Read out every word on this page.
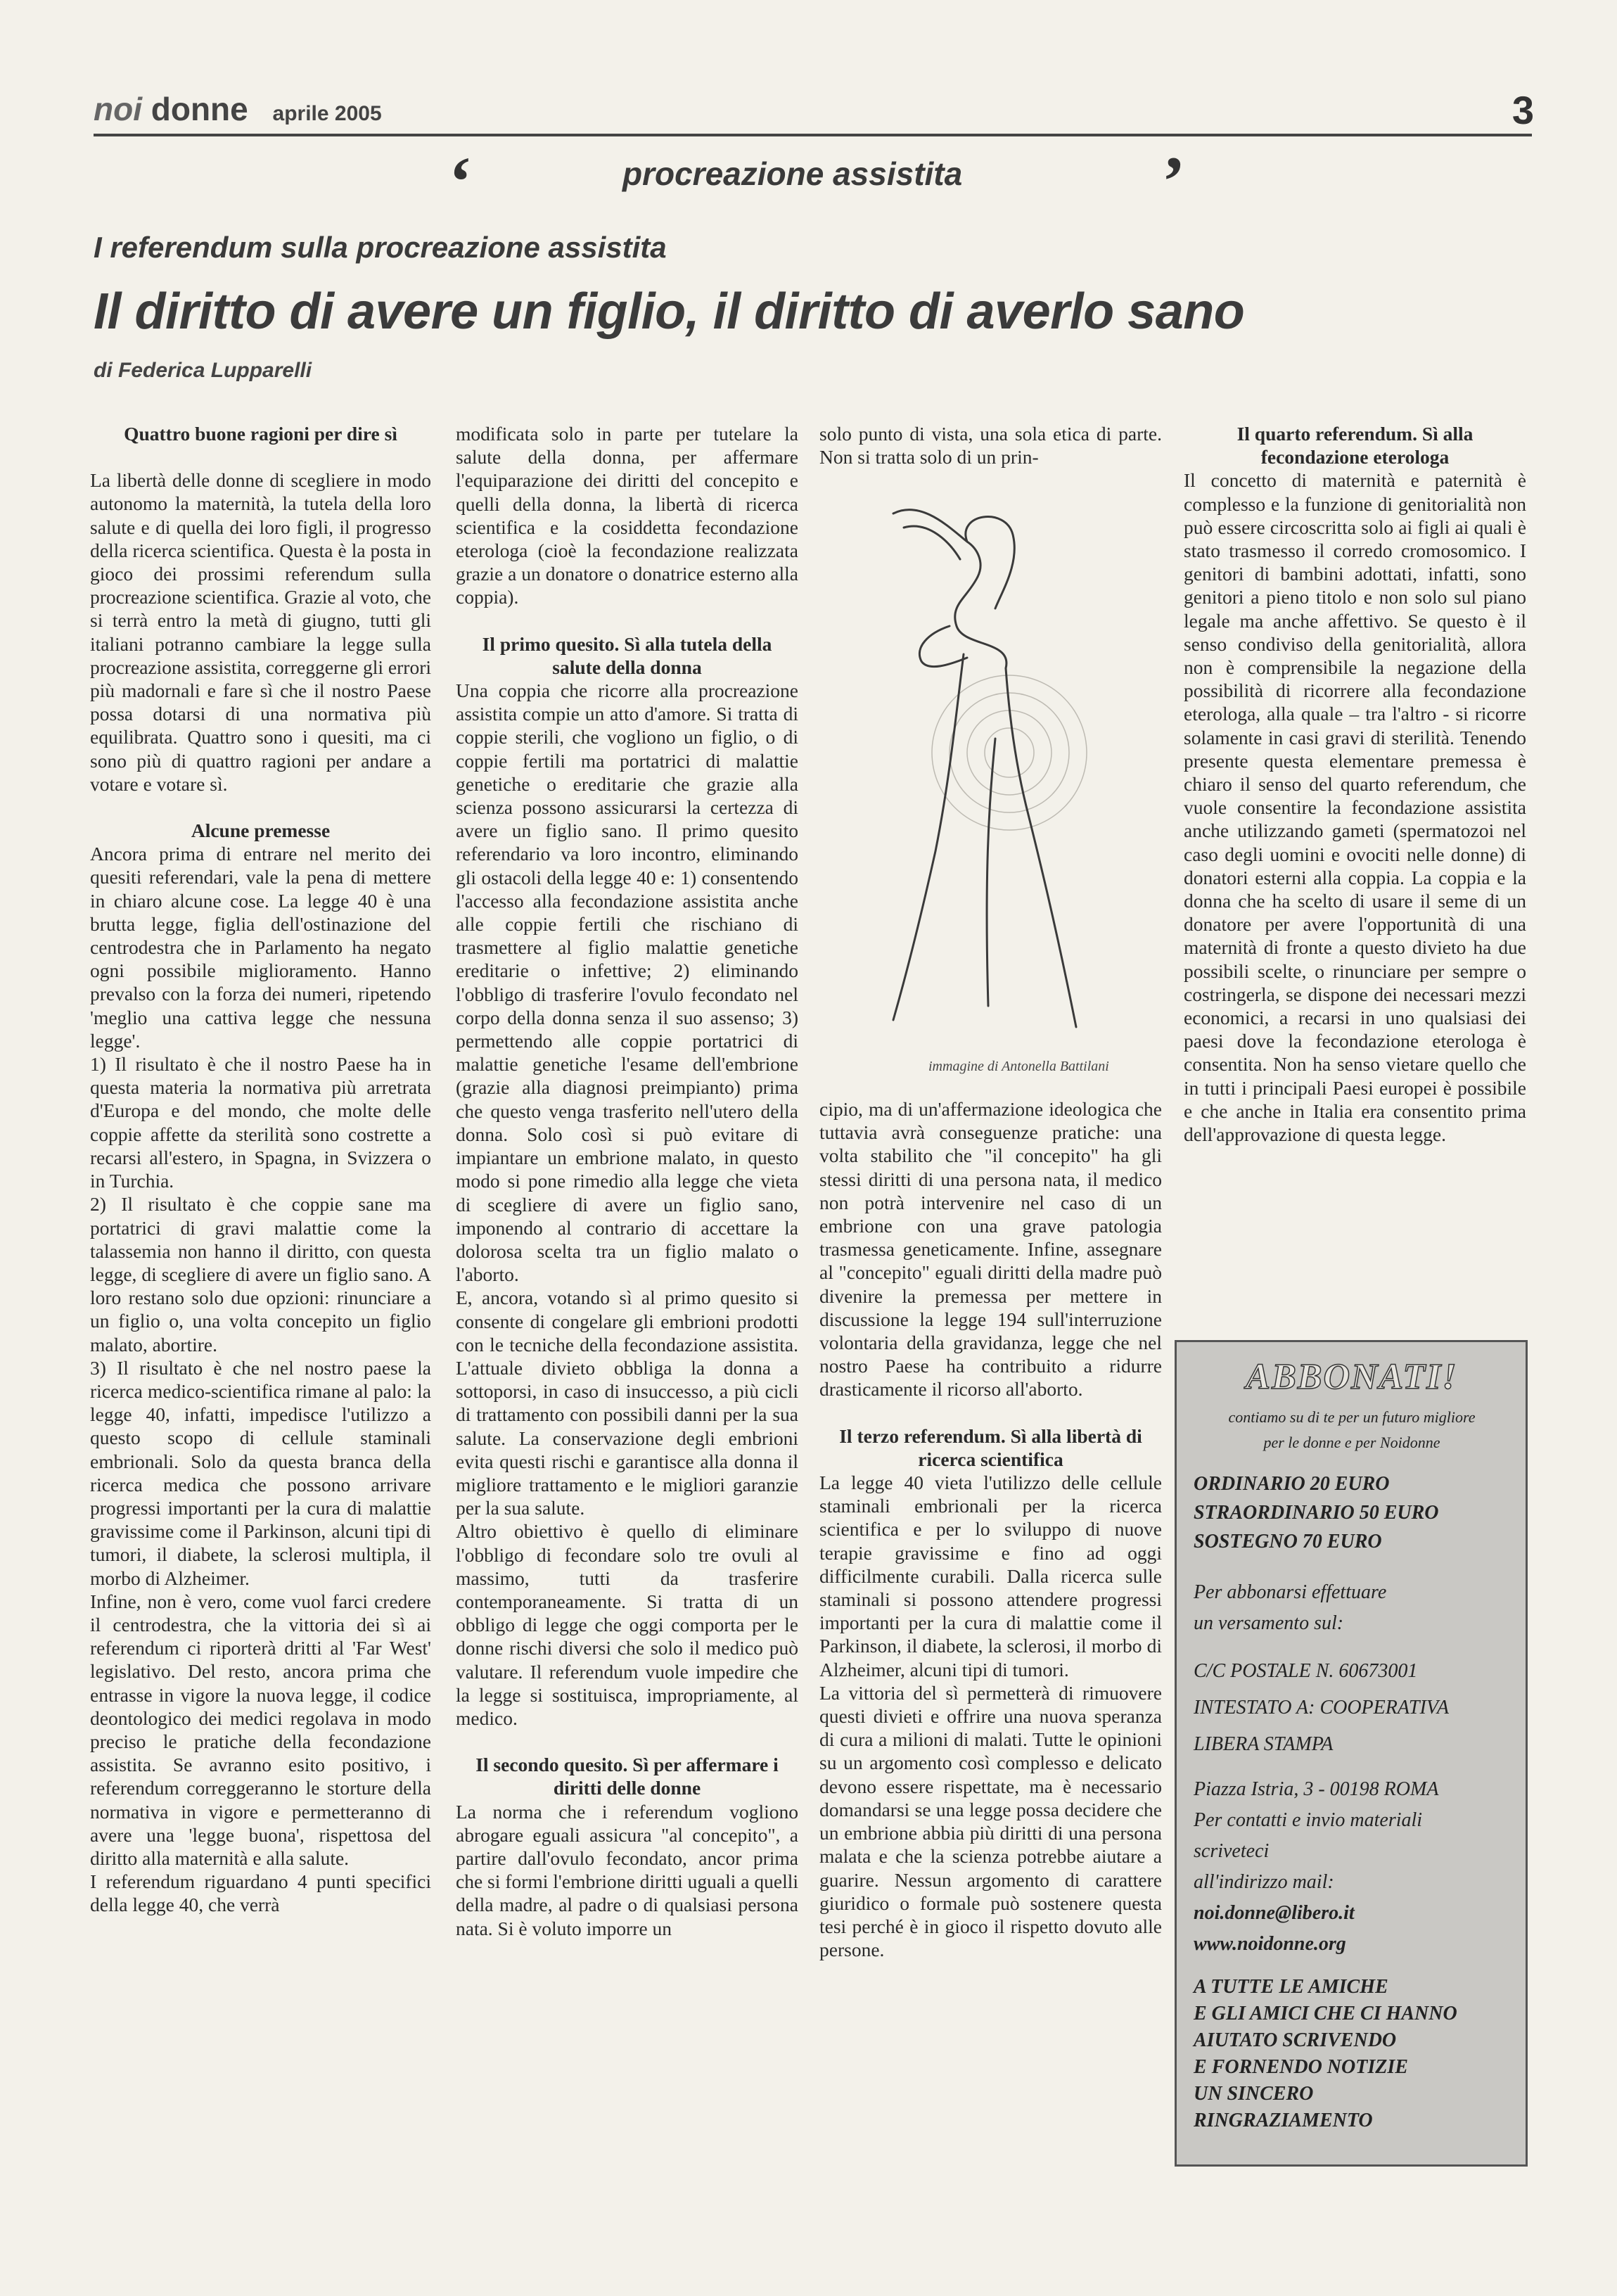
noi donne aprile 2005	3
‘	procreazione assistita	’
I referendum sulla procreazione assistita
Il diritto di avere un figlio, il diritto di averlo sano
di Federica Lupparelli
Quattro buone ragioni per dire sì

La libertà delle donne di scegliere in modo autonomo la maternità, la tutela della loro salute e di quella dei loro figli, il progresso della ricerca scientifica. Questa è la posta in gioco dei prossimi referendum sulla procreazione scientifica. Grazie al voto, che si terrà entro la metà di giugno, tutti gli italiani potranno cambiare la legge sulla procreazione assistita, correggerne gli errori più madornali e fare sì che il nostro Paese possa dotarsi di una normativa più equilibrata. Quattro sono i quesiti, ma ci sono più di quattro ragioni per andare a votare e votare sì.

Alcune premesse

Ancora prima di entrare nel merito dei quesiti referendari, vale la pena di mettere in chiaro alcune cose. La legge 40 è una brutta legge, figlia dell'ostinazione del centrodestra che in Parlamento ha negato ogni possibile miglioramento. Hanno prevalso con la forza dei numeri, ripetendo 'meglio una cattiva legge che nessuna legge'.

1) Il risultato è che il nostro Paese ha in questa materia la normativa più arretrata d'Europa e del mondo, che molte delle coppie affette da sterilità sono costrette a recarsi all'estero, in Spagna, in Svizzera o in Turchia.

2) Il risultato è che coppie sane ma portatrici di gravi malattie come la talassemia non hanno il diritto, con questa legge, di scegliere di avere un figlio sano. A loro restano solo due opzioni: rinunciare a un figlio o, una volta concepito un figlio malato, abortire.

3) Il risultato è che nel nostro paese la ricerca medico-scientifica rimane al palo: la legge 40, infatti, impedisce l'utilizzo a questo scopo di cellule staminali embrionali. Solo da questa branca della ricerca medica che possono arrivare progressi importanti per la cura di malattie gravissime come il Parkinson, alcuni tipi di tumori, il diabete, la sclerosi multipla, il morbo di Alzheimer.

Infine, non è vero, come vuol farci credere il centrodestra, che la vittoria dei sì ai referendum ci riporterà dritti al 'Far West' legislativo. Del resto, ancora prima che entrasse in vigore la nuova legge, il codice deontologico dei medici regolava in modo preciso le pratiche della fecondazione assistita. Se avranno esito positivo, i referendum correggeranno le storture della normativa in vigore e permetteranno di avere una 'legge buona', rispettosa del diritto alla maternità e alla salute.

I referendum riguardano 4 punti specifici della legge 40, che verrà

modificata solo in parte per tutelare la salute della donna, per affermare l'equiparazione dei diritti del concepito e quelli della donna, la libertà di ricerca scientifica e la cosiddetta fecondazione eterologa (cioè la fecondazione realizzata grazie a un donatore o donatrice esterno alla coppia).

Il primo quesito. Sì alla tutela della salute della donna

Una coppia che ricorre alla procreazione assistita compie un atto d'amore. Si tratta di coppie sterili, che vogliono un figlio, o di coppie fertili ma portatrici di malattie genetiche o ereditarie che grazie alla scienza possono assicurarsi la certezza di avere un figlio sano. Il primo quesito referendario va loro incontro, eliminando gli ostacoli della legge 40 e: 1) consentendo l'accesso alla fecondazione assistita anche alle coppie fertili che rischiano di trasmettere al figlio malattie genetiche ereditarie o infettive; 2) eliminando l'obbligo di trasferire l'ovulo fecondato nel corpo della donna senza il suo assenso; 3) permettendo alle coppie portatrici di malattie genetiche l'esame dell'embrione (grazie alla diagnosi preimpianto) prima che questo venga trasferito nell'utero della donna. Solo così si può evitare di impiantare un embrione malato, in questo modo si pone rimedio alla legge che vieta di scegliere di avere un figlio sano, imponendo al contrario di accettare la dolorosa scelta tra un figlio malato o l'aborto.

E, ancora, votando sì al primo quesito si consente di congelare gli embrioni prodotti con le tecniche della fecondazione assistita. L'attuale divieto obbliga la donna a sottoporsi, in caso di insuccesso, a più cicli di trattamento con possibili danni per la sua salute. La conservazione degli embrioni evita questi rischi e garantisce alla donna il migliore trattamento e le migliori garanzie per la sua salute.

Altro obiettivo è quello di eliminare l'obbligo di fecondare solo tre ovuli al massimo, tutti da trasferire contemporaneamente. Si tratta di un obbligo di legge che oggi comporta per le donne rischi diversi che solo il medico può valutare. Il referendum vuole impedire che la legge si sostituisca, impropriamente, al medico.

Il secondo quesito. Sì per affermare i diritti delle donne

La norma che i referendum vogliono abrogare eguali assicura "al concepito", a partire dall'ovulo fecondato, ancor prima che si formi l'embrione diritti uguali a quelli della madre, al padre o di qualsiasi persona nata. Si è voluto imporre un

solo punto di vista, una sola etica di parte. Non si tratta solo di un prin-

immagine di Antonella Battilani

cipio, ma di un'affermazione ideologica che tuttavia avrà conseguenze pratiche: una volta stabilito che "il concepito" ha gli stessi diritti di una persona nata, il medico non potrà intervenire nel caso di un embrione con una grave patologia trasmessa geneticamente. Infine, assegnare al "concepito" eguali diritti della madre può divenire la premessa per mettere in discussione la legge 194 sull'interruzione volontaria della gravidanza, legge che nel nostro Paese ha contribuito a ridurre drasticamente il ricorso all'aborto.

Il terzo referendum. Sì alla libertà di ricerca scientifica

La legge 40 vieta l'utilizzo delle cellule staminali embrionali per la ricerca scientifica e per lo sviluppo di nuove terapie gravissime e fino ad oggi difficilmente curabili. Dalla ricerca sulle staminali si possono attendere progressi importanti per la cura di malattie come il Parkinson, il diabete, la sclerosi, il morbo di Alzheimer, alcuni tipi di tumori.

La vittoria del sì permetterà di rimuovere questi divieti e offrire una nuova speranza di cura a milioni di malati. Tutte le opinioni su un argomento così complesso e delicato devono essere rispettate, ma è necessario domandarsi se una legge possa decidere che un embrione abbia più diritti di una persona malata e che la scienza potrebbe aiutare a guarire. Nessun argomento di carattere giuridico o formale può sostenere questa tesi perché è in gioco il rispetto dovuto alle persone.

Il quarto referendum. Sì alla fecondazione eterologa

Il concetto di maternità e paternità è complesso e la funzione di genitorialità non può essere circoscritta solo ai figli ai quali è stato trasmesso il corredo cromosomico. I genitori di bambini adottati, infatti, sono genitori a pieno titolo e non solo sul piano legale ma anche affettivo. Se questo è il senso condiviso della genitorialità, allora non è comprensibile la negazione della possibilità di ricorrere alla fecondazione eterologa, alla quale – tra l'altro - si ricorre solamente in casi gravi di sterilità. Tenendo presente questa elementare premessa è chiaro il senso del quarto referendum, che vuole consentire la fecondazione assistita anche utilizzando gameti (spermatozoi nel caso degli uomini e ovociti nelle donne) di donatori esterni alla coppia. La coppia e la donna che ha scelto di usare il seme di un donatore per avere l'opportunità di una maternità di fronte a questo divieto ha due possibili scelte, o rinunciare per sempre o costringerla, se dispone dei necessari mezzi economici, a recarsi in uno qualsiasi dei paesi dove la fecondazione eterologa è consentita. Non ha senso vietare quello che in tutti i principali Paesi europei è possibile e che anche in Italia era consentito prima dell'approvazione di questa legge.

ABBONATI!
contiamo su di te per un futuro migliore
per le donne e per Noidonne
ORDINARIO 20 EURO
STRAORDINARIO 50 EURO
SOSTEGNO 70 EURO
Per abbonarsi effettuare
un versamento sul:
C/C POSTALE N. 60673001
INTESTATO A: COOPERATIVA
LIBERA STAMPA
Piazza Istria, 3 - 00198 ROMA
Per contatti e invio materiali
scriveteci
all'indirizzo mail:
noi.donne@libero.it
www.noidonne.org
A TUTTE LE AMICHE
E GLI AMICI CHE CI HANNO
AIUTATO SCRIVENDO
E FORNENDO NOTIZIE
UN SINCERO
RINGRAZIAMENTO
